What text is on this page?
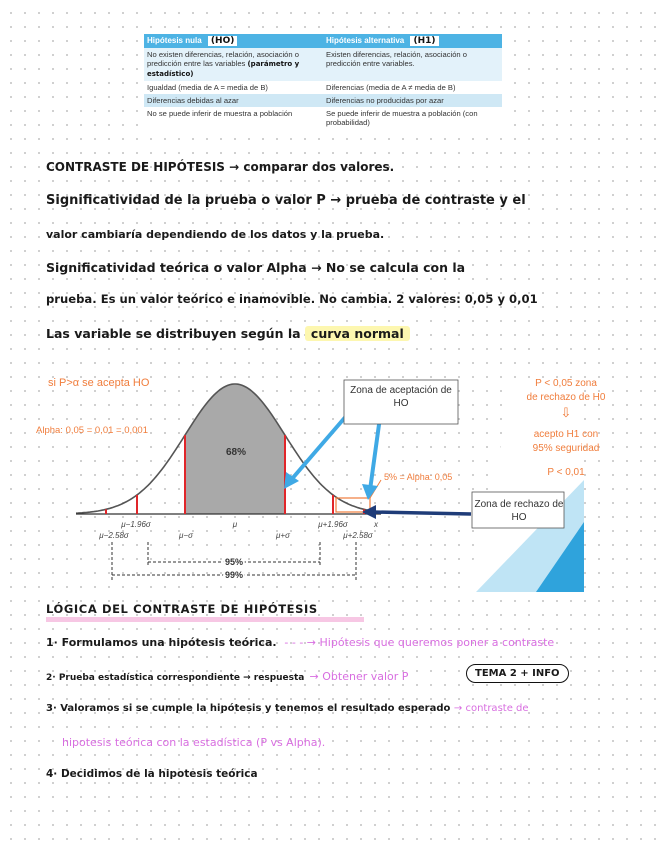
Hipótesis nula (HO)	Hipótesis alternativa (H1)
No existen diferencias, relación, asociación o predicción entre las variables (parámetro y estadístico)	Existen diferencias, relación, asociación o predicción entre variables.
Igualdad (media de A = media de B)	Diferencias (media de A ≠ media de B)
Diferencias debidas al azar	Diferencias no producidas por azar
No se puede inferir de muestra a población	Se puede inferir de muestra a población (con probabilidad)
CONTRASTE DE HIPÓTESIS → comparar dos valores.
Significatividad de la prueba o valor P → prueba de contraste y el
valor cambiaría dependiendo de los datos y la prueba.
Significatividad teórica o valor Alpha → No se calcula con la
prueba. Es un valor teórico e inamovible. No cambia. 2 valores: 0,05 y 0,01
Las variable se distribuyen según la curva normal
68%
μ−1.96σ	μ	μ+1.96σ	x
μ−2.58σ	μ−σ	μ+σ	μ+2.58σ
95%
99%
si P>α se acepta HO
Alpha: 0,05 = 0,01 = 0,001
5% = Alpha: 0,05
P < 0,05 zona
de rechazo de H0
⇩
acepto H1 con
95% seguridad
P < 0,01
Zona de aceptación de HO
Zona de rechazo de HO
LÓGICA DEL CONTRASTE DE HIPÓTESIS
1· Formulamos una hipótesis teórica. - - - → Hipótesis que queremos poner a contraste
2· Prueba estadística correspondiente → respuesta → Obtener valor P	TEMA 2 + INFO
3· Valoramos si se cumple la hipótesis y tenemos el resultado esperado → contraste de
hipotesis teórica con la estadística (P vs Alpha).
4· Decidimos de la hipotesis teórica
